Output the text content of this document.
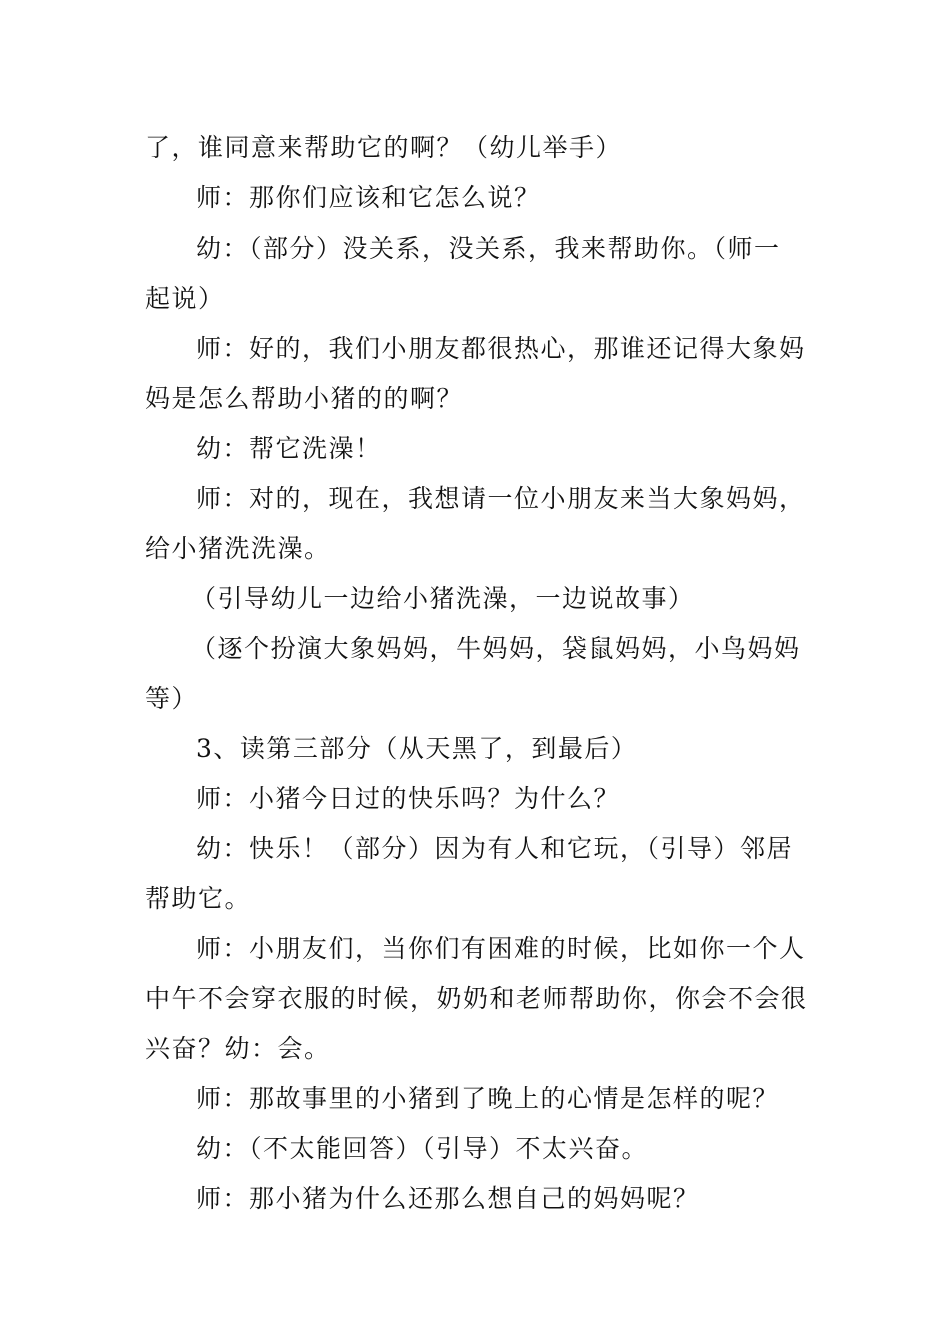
了，谁同意来帮助它的啊？（幼儿举手）
师：那你们应该和它怎么说？
幼：（部分）没关系，没关系，我来帮助你。（师一
起说）
师：好的，我们小朋友都很热心，那谁还记得大象妈
妈是怎么帮助小猪的的啊？
幼：帮它洗澡！
师：对的，现在，我想请一位小朋友来当大象妈妈，
给小猪洗洗澡。
（引导幼儿一边给小猪洗澡，一边说故事）
（逐个扮演大象妈妈，牛妈妈，袋鼠妈妈，小鸟妈妈
等）
3、读第三部分（从天黑了，到最后）
师：小猪今日过的快乐吗？为什么？
幼：快乐！（部分）因为有人和它玩，（引导）邻居
帮助它。
师：小朋友们，当你们有困难的时候，比如你一个人
中午不会穿衣服的时候，奶奶和老师帮助你，你会不会很
兴奋？幼：会。
师：那故事里的小猪到了晚上的心情是怎样的呢？
幼：（不太能回答）（引导）不太兴奋。
师：那小猪为什么还那么想自己的妈妈呢？
